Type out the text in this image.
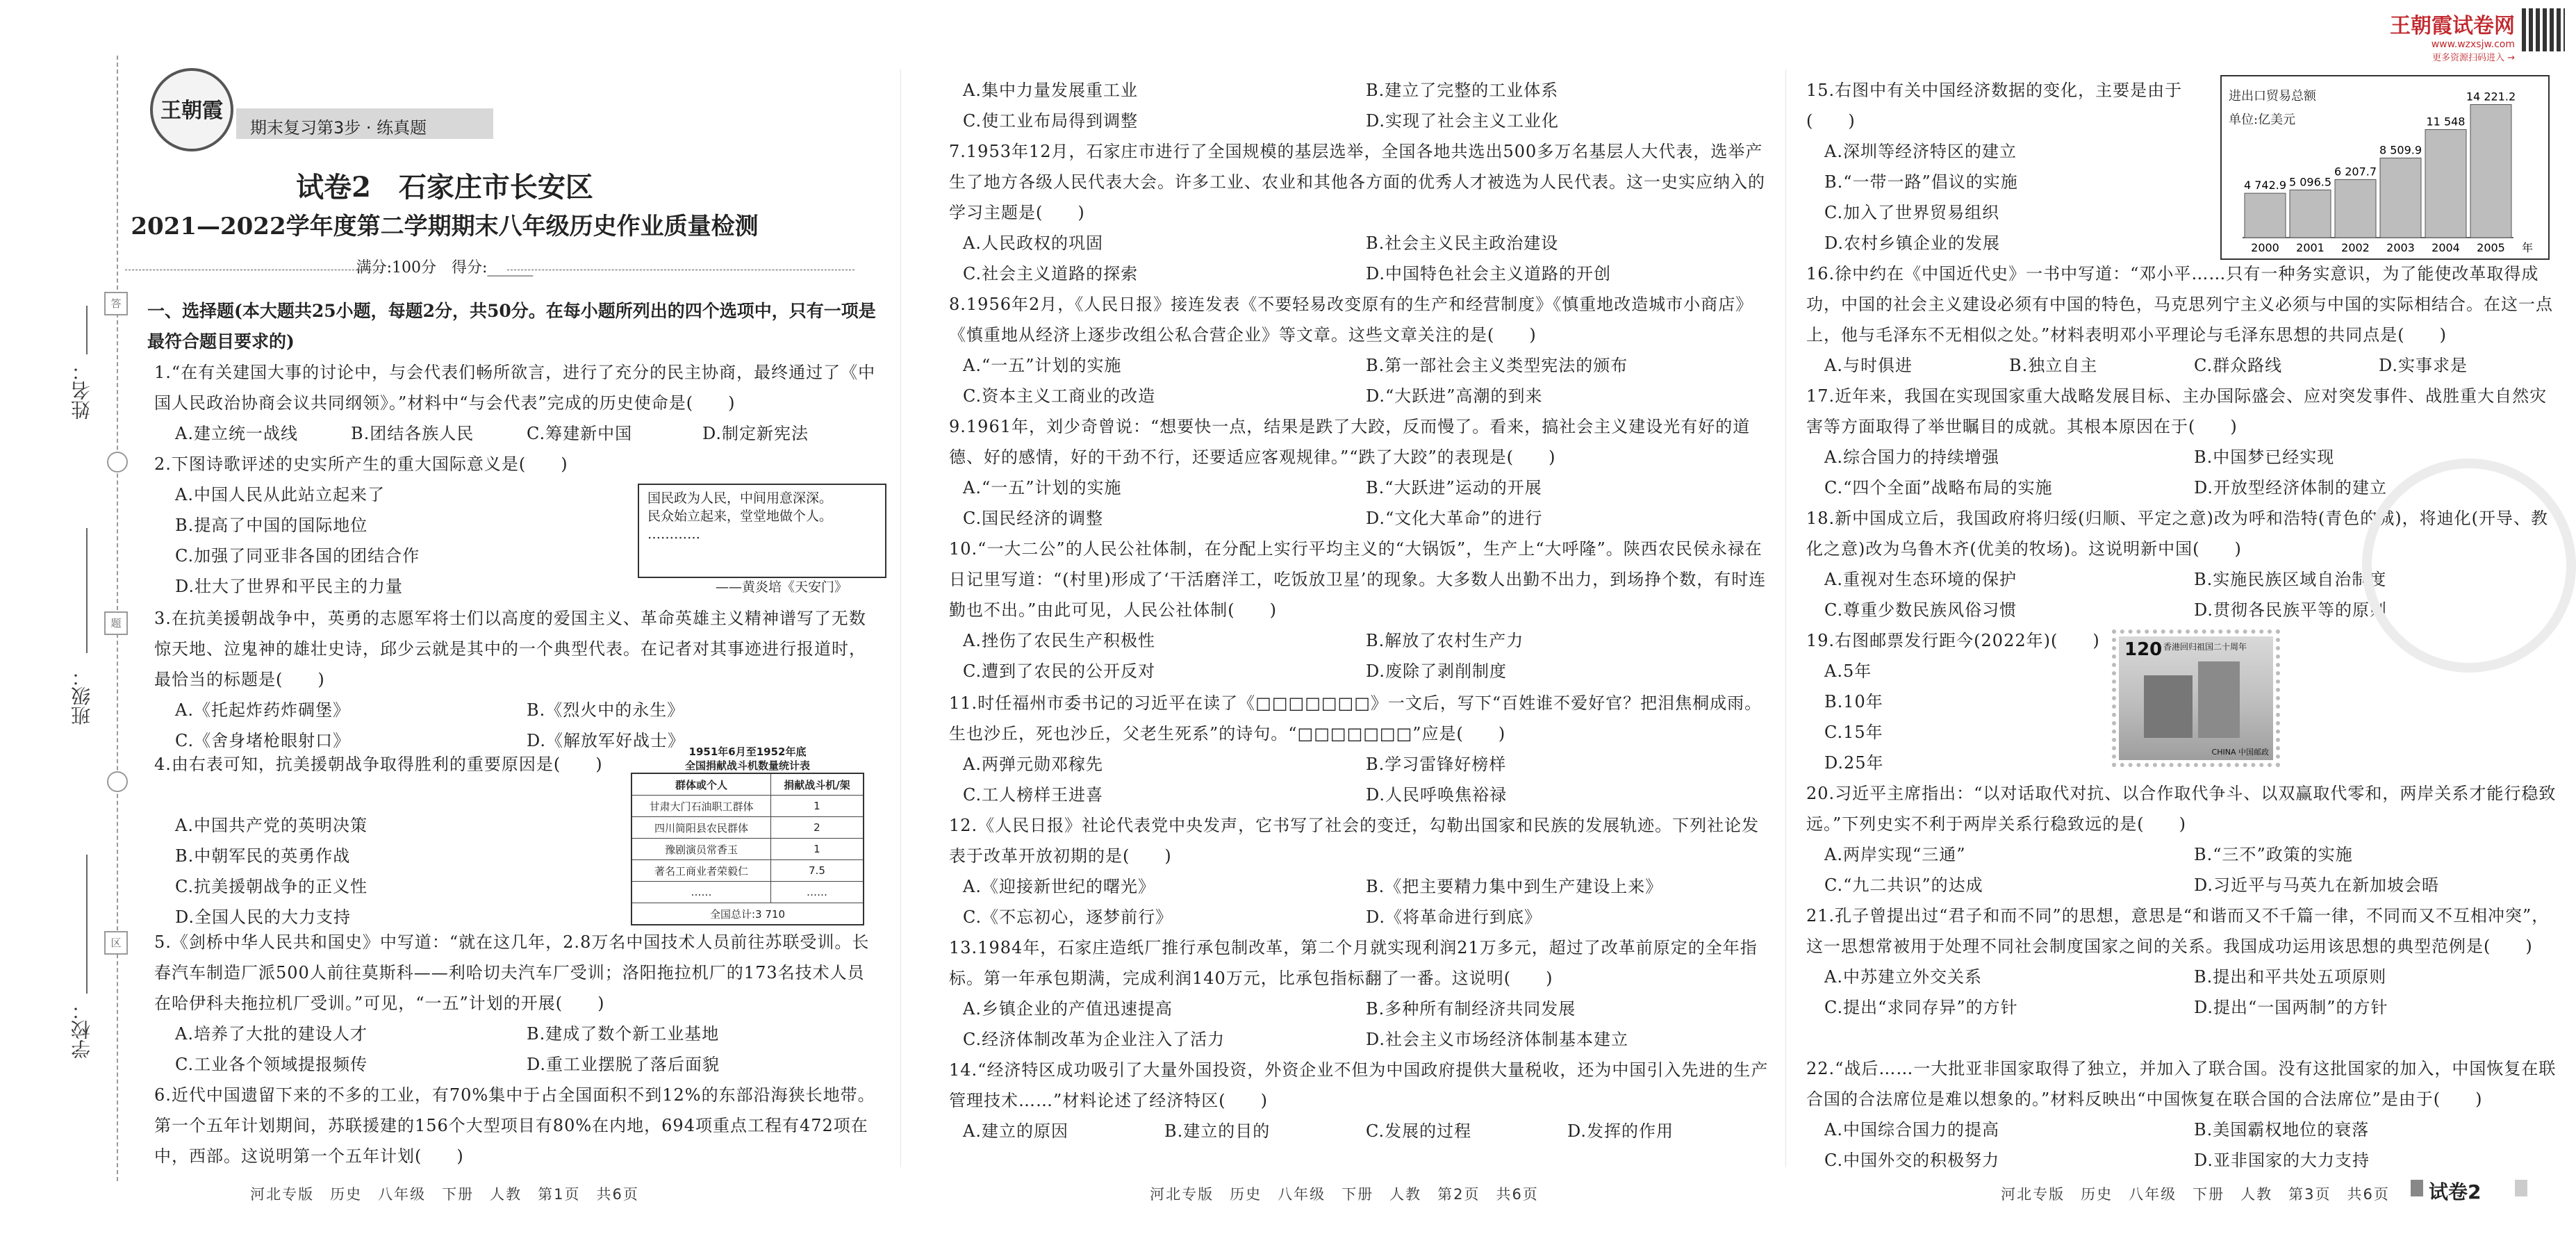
答
题
区
姓名：
班级：
学校：
王朝霞
期末复习第3步 · 练真题
试卷2　石家庄市长安区
2021—2022学年度第二学期期末八年级历史作业质量检测
满分:100分　得分:______
一、选择题(本大题共25小题，每题2分，共50分。在每小题所列出的四个选项中，只有一项是最符合题目要求的)
1.“在有关建国大事的讨论中，与会代表们畅所欲言，进行了充分的民主协商，最终通过了《中国人民政治协商会议共同纲领》。”材料中“与会代表”完成的历史使命是(　　)
A.建立统一战线	B.团结各族人民	C.筹建新中国	D.制定新宪法
2.下图诗歌评述的史实所产生的重大国际意义是(　　)
A.中国人民从此站立起来了
B.提高了中国的国际地位
C.加强了同亚非各国的团结合作
D.壮大了世界和平民主的力量
国民政为人民，中间用意深深。
民众始立起来，堂堂地做个人。
…………
——黄炎培《天安门》
3.在抗美援朝战争中，英勇的志愿军将士们以高度的爱国主义、革命英雄主义精神谱写了无数惊天地、泣鬼神的雄壮史诗，邱少云就是其中的一个典型代表。在记者对其事迹进行报道时，最恰当的标题是(　　)
A.《托起炸药炸碉堡》	B.《烈火中的永生》
C.《舍身堵枪眼射口》	D.《解放军好战士》
4.由右表可知，抗美援朝战争取得胜利的重要原因是(　　)
A.中国共产党的英明决策
B.中朝军民的英勇作战
C.抗美援朝战争的正义性
D.全国人民的大力支持
1951年6月至1952年底
全国捐献战斗机数量统计表
群体或个人	捐献战斗机/架
甘肃大门石油职工群体	1
四川简阳县农民群体	2
豫剧演员常香玉	1
著名工商业者荣毅仁	7.5
……	……
全国总计:3 710	
5.《剑桥中华人民共和国史》中写道：“就在这几年，2.8万名中国技术人员前往苏联受训。长春汽车制造厂派500人前往莫斯科——利哈切夫汽车厂受训；洛阳拖拉机厂的173名技术人员在哈伊科夫拖拉机厂受训。”可见，“一五”计划的开展(　　)
A.培养了大批的建设人才	B.建成了数个新工业基地
C.工业各个领域提报频传	D.重工业摆脱了落后面貌
6.近代中国遗留下来的不多的工业，有70%集中于占全国面积不到12%的东部沿海狭长地带。第一个五年计划期间，苏联援建的156个大型项目有80%在内地，694项重点工程有472项在中，西部。这说明第一个五年计划(　　)
河北专版　历史　八年级　下册　人教　第1页　共6页
A.集中力量发展重工业	B.建立了完整的工业体系
C.使工业布局得到调整	D.实现了社会主义工业化
7.1953年12月，石家庄市进行了全国规模的基层选举，全国各地共选出500多万名基层人大代表，选举产生了地方各级人民代表大会。许多工业、农业和其他各方面的优秀人才被选为人民代表。这一史实应纳入的学习主题是(　　)
A.人民政权的巩固	B.社会主义民主政治建设
C.社会主义道路的探索	D.中国特色社会主义道路的开创
8.1956年2月，《人民日报》接连发表《不要轻易改变原有的生产和经营制度》《慎重地改造城市小商店》《慎重地从经济上逐步改组公私合营企业》等文章。这些文章关注的是(　　)
A.“一五”计划的实施	B.第一部社会主义类型宪法的颁布
C.资本主义工商业的改造	D.“大跃进”高潮的到来
9.1961年，刘少奇曾说：“想要快一点，结果是跌了大跤，反而慢了。看来，搞社会主义建设光有好的道德、好的感情，好的干劲不行，还要适应客观规律。”“跌了大跤”的表现是(　　)
A.“一五”计划的实施	B.“大跃进”运动的开展
C.国民经济的调整	D.“文化大革命”的进行
10.“一大二公”的人民公社体制，在分配上实行平均主义的“大锅饭”，生产上“大呼隆”。陕西农民侯永禄在日记里写道：“(村里)形成了‘干活磨洋工，吃饭放卫星’的现象。大多数人出勤不出力，到场挣个数，有时连勤也不出。”由此可见，人民公社体制(　　)
A.挫伤了农民生产积极性	B.解放了农村生产力
C.遭到了农民的公开反对	D.废除了剥削制度
11.时任福州市委书记的习近平在读了《□□□□□□□》一文后，写下“百姓谁不爱好官？把泪焦桐成雨。生也沙丘，死也沙丘，父老生死系”的诗句。“□□□□□□□”应是(　　)
A.两弹元勋邓稼先	B.学习雷锋好榜样
C.工人榜样王进喜	D.人民呼唤焦裕禄
12.《人民日报》社论代表党中央发声，它书写了社会的变迁，勾勒出国家和民族的发展轨迹。下列社论发表于改革开放初期的是(　　)
A.《迎接新世纪的曙光》	B.《把主要精力集中到生产建设上来》
C.《不忘初心，逐梦前行》	D.《将革命进行到底》
13.1984年，石家庄造纸厂推行承包制改革，第二个月就实现利润21万多元，超过了改革前原定的全年指标。第一年承包期满，完成利润140万元，比承包指标翻了一番。这说明(　　)
A.乡镇企业的产值迅速提高	B.多种所有制经济共同发展
C.经济体制改革为企业注入了活力	D.社会主义市场经济体制基本建立
14.“经济特区成功吸引了大量外国投资，外资企业不但为中国政府提供大量税收，还为中国引入先进的生产管理技术……”材料论述了经济特区(　　)
A.建立的原因	B.建立的目的	C.发展的过程	D.发挥的作用
河北专版　历史　八年级　下册　人教　第2页　共6页
王朝霞试卷网
www.wzxsjw.com
更多资源扫码进入 →
15.右图中有关中国经济数据的变化，主要是由于(　　)
A.深圳等经济特区的建立
B.“一带一路”倡议的实施
C.加入了世界贸易组织
D.农村乡镇企业的发展
进出口贸易总额
单位:亿美元
4 742.9
2000
5 096.5
2001
6 207.7
2002
8 509.9
2003
11 548
2004
14 221.2
2005 年
16.徐中约在《中国近代史》一书中写道：“邓小平……只有一种务实意识，为了能使改革取得成功，中国的社会主义建设必须有中国的特色，马克思列宁主义必须与中国的实际相结合。在这一点上，他与毛泽东不无相似之处。”材料表明邓小平理论与毛泽东思想的共同点是(　　)
A.与时俱进	B.独立自主	C.群众路线	D.实事求是
17.近年来，我国在实现国家重大战略发展目标、主办国际盛会、应对突发事件、战胜重大自然灾害等方面取得了举世瞩目的成就。其根本原因在于(　　)
A.综合国力的持续增强	B.中国梦已经实现
C.“四个全面”战略布局的实施	D.开放型经济体制的建立
18.新中国成立后，我国政府将归绥(归顺、平定之意)改为呼和浩特(青色的城)，将迪化(开导、教化之意)改为乌鲁木齐(优美的牧场)。这说明新中国(　　)
A.重视对生态环境的保护	B.实施民族区域自治制度
C.尊重少数民族风俗习惯	D.贯彻各民族平等的原则
19.右图邮票发行距今(2022年)(　　)
A.5年
B.10年
C.15年
D.25年
120 香港回归祖国二十周年
CHINA 中国邮政
20.习近平主席指出：“以对话取代对抗、以合作取代争斗、以双赢取代零和，两岸关系才能行稳致远。”下列史实不利于两岸关系行稳致远的是(　　)
A.两岸实现“三通”	B.“三不”政策的实施
C.“九二共识”的达成	D.习近平与马英九在新加坡会晤
21.孔子曾提出过“君子和而不同”的思想，意思是“和谐而又不千篇一律，不同而又不互相冲突”，这一思想常被用于处理不同社会制度国家之间的关系。我国成功运用该思想的典型范例是(　　)
A.中苏建立外交关系	B.提出和平共处五项原则
C.提出“求同存异”的方针	D.提出“一国两制”的方针
22.“战后……一大批亚非国家取得了独立，并加入了联合国。没有这批国家的加入，中国恢复在联合国的合法席位是难以想象的。”材料反映出“中国恢复在联合国的合法席位”是由于(　　)
A.中国综合国力的提高	B.美国霸权地位的衰落
C.中国外交的积极努力	D.亚非国家的大力支持
河北专版　历史　八年级　下册　人教　第3页　共6页 试卷2
